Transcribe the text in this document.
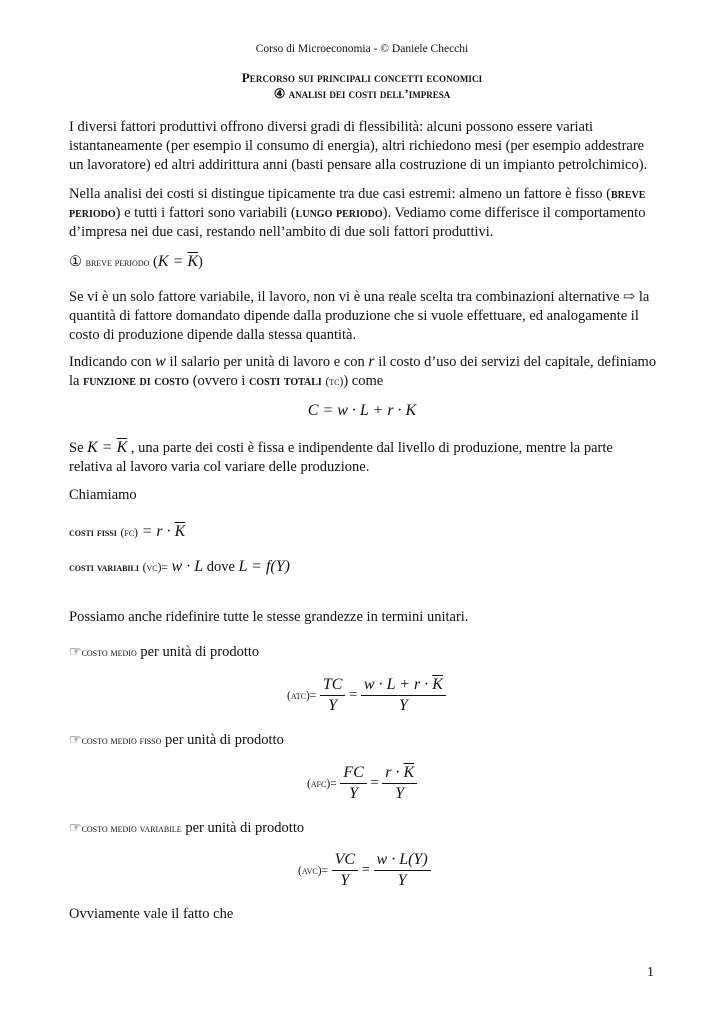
Corso di Microeconomia - © Daniele Checchi
Percorso sui principali concetti economici
④ analisi dei costi dell’impresa
I diversi fattori produttivi offrono diversi gradi di flessibilità: alcuni possono essere variati istantaneamente (per esempio il consumo di energia), altri richiedono mesi (per esempio addestrare un lavoratore) ed altri addirittura anni (basti pensare alla costruzione di un impianto petrolchimico).
Nella analisi dei costi si distingue tipicamente tra due casi estremi: almeno un fattore è fisso (breve periodo) e tutti i fattori sono variabili (lungo periodo). Vediamo come differisce il comportamento d’impresa nei due casi, restando nell’ambito di due soli fattori produttivi.
① breve periodo $(K = \overline{K})$
Se vi è un solo fattore variabile, il lavoro, non vi è una reale scelta tra combinazioni alternative ⇨ la quantità di fattore domandato dipende dalla produzione che si vuole effettuare, ed analogamente il costo di produzione dipende dalla stessa quantità.
Indicando con w il salario per unità di lavoro e con r il costo d’uso dei servizi del capitale, definiamo la funzione di costo (ovvero i costi totali (tc)) come
C = w · L + r · K
Se $K = \overline{K}$ , una parte dei costi è fissa e indipendente dal livello di produzione, mentre la parte relativa al lavoro varia col variare delle produzione.
Chiamiamo
costi fissi $(fc) = r \cdot \overline{K}$
costi variabili (vc)= w · L dove L = f(Y)
Possiamo anche ridefinire tutte le stesse grandezze in termini unitari.
☞costo medio per unità di prodotto
$(atc)= \frac{TC}{Y} = \frac{w \cdot L + r \cdot \overline{K}}{Y}$
☞costo medio fisso per unità di prodotto
$(afc)= \frac{FC}{Y} = \frac{r \cdot \overline{K}}{Y}$
☞costo medio variabile per unità di prodotto
$(avc)= \frac{VC}{Y} = \frac{w \cdot L(Y)}{Y}$
Ovviamente vale il fatto che
1
